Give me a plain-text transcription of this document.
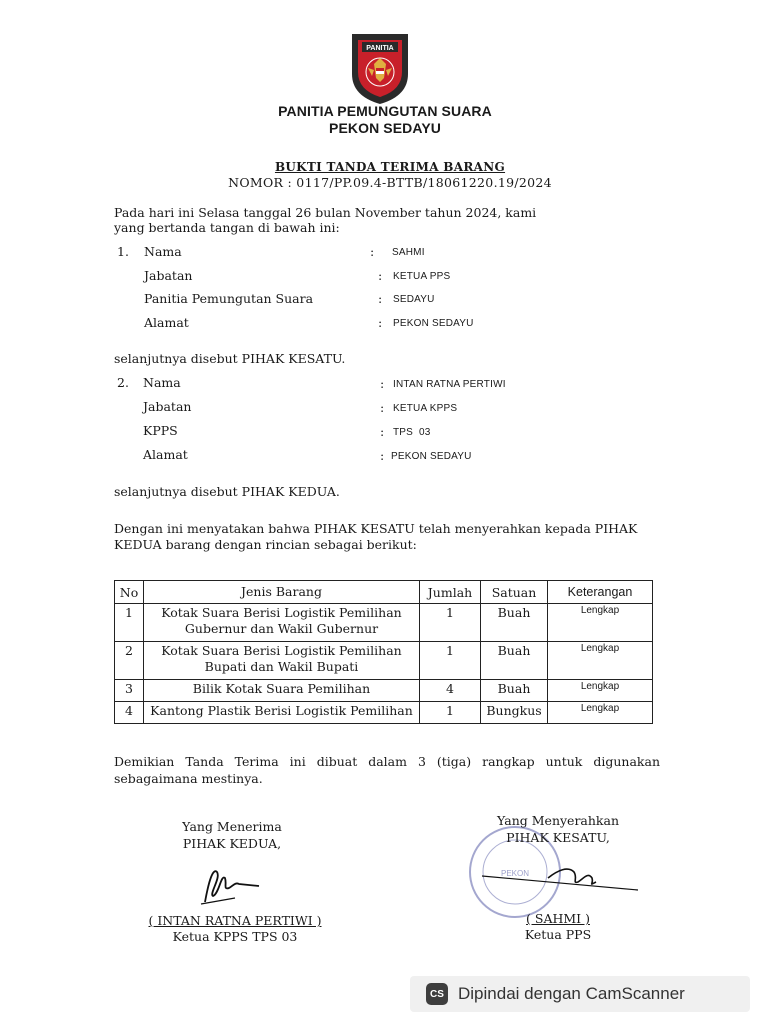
PANITIA
PANITIA PEMUNGUTAN SUARA
PEKON SEDAYU
BUKTI TANDA TERIMA BARANG
NOMOR : 0117/PP.09.4-BTTB/18061220.19/2024
Pada hari ini Selasa tanggal 26 bulan November tahun 2024, kami
yang bertanda tangan di bawah ini:
1. Nama	: SAHMI
Jabatan	: KETUA PPS
Panitia Pemungutan Suara	: SEDAYU
Alamat	: PEKON SEDAYU
selanjutnya disebut PIHAK KESATU.
2. Nama	: INTAN RATNA PERTIWI
Jabatan	: KETUA KPPS
KPPS	: TPS  03
Alamat	: PEKON SEDAYU
selanjutnya disebut PIHAK KEDUA.
Dengan ini menyatakan bahwa PIHAK KESATU telah menyerahkan kepada PIHAK
KEDUA barang dengan rincian sebagai berikut:
No	Jenis Barang	Jumlah	Satuan	Keterangan
1	Kotak Suara Berisi Logistik Pemilihan
Gubernur dan Wakil Gubernur	1	Buah	Lengkap
2	Kotak Suara Berisi Logistik Pemilihan
Bupati dan Wakil Bupati	1	Buah	Lengkap
3	Bilik Kotak Suara Pemilihan	4	Buah	Lengkap
4	Kantong Plastik Berisi Logistik Pemilihan	1	Bungkus	Lengkap
Demikian Tanda Terima ini dibuat dalam 3 (tiga) rangkap untuk digunakan
sebagaimana mestinya.
Yang Menerima
PIHAK KEDUA,
( INTAN RATNA PERTIWI )
Ketua KPPS TPS 03
PEKON
Yang Menyerahkan
PIHAK KESATU,
( SAHMI )
Ketua PPS
CS Dipindai dengan CamScanner
